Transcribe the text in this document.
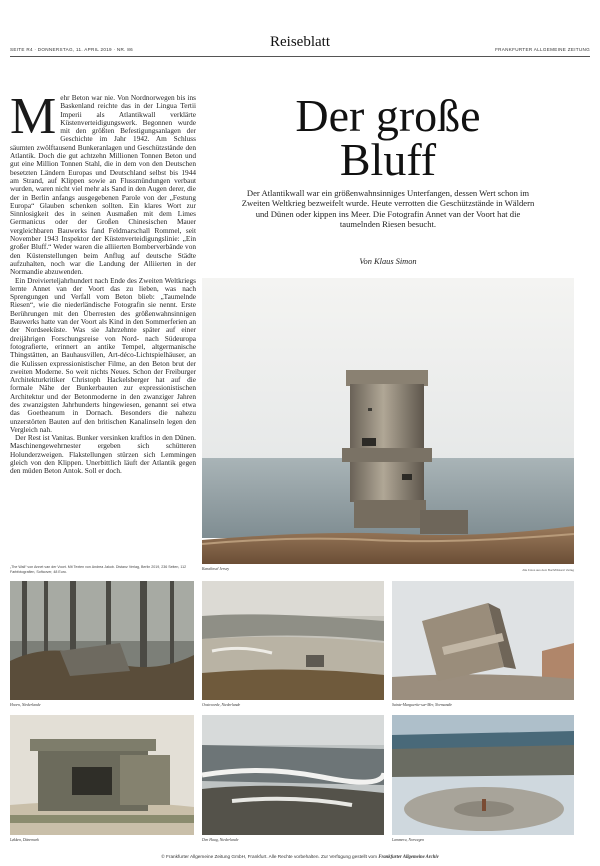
SEITE R4 · DONNERSTAG, 11. APRIL 2019 · NR. 86	Reiseblatt	FRANKFURTER ALLGEMEINE ZEITUNG
M ehr Beton war nie. Von Nordnorwegen bis ins Baskenland reichte das in der Lingua Tertii Imperii als Atlantikwall verklärte Küstenverteidigungswerk. Begonnen wurde mit den größten Befestigungsanlagen der Geschichte im Jahr 1942. Am Schluss säumten zwölftausend Bunkeranlagen und Geschützstände den Atlantik. Doch die gut achtzehn Millionen Tonnen Beton und gut eine Million Tonnen Stahl, die in dem von den Deutschen besetzten Ländern Europas und Deutschland selbst bis 1944 am Strand, auf Klippen sowie an Flussmündungen verbaut wurden, waren nicht viel mehr als Sand in den Augen derer, die der in Berlin anfangs ausgegebenen Parole von der „Festung Europa“ Glauben schenken sollten. Ein klares Wort zur Sinnlosigkeit des in seinen Ausmaßen mit dem Limes Germanicus oder der Großen Chinesischen Mauer vergleichbaren Bauwerks fand Feldmarschall Rommel, seit November 1943 Inspektor der Küstenverteidigungslinie: „Ein großer Bluff.“ Weder waren die alliierten Bomberverbände von den Küstenstellungen beim Anflug auf deutsche Städte aufzuhalten, noch war die Landung der Alliierten in der Normandie abzuwenden.

Ein Dreivierteljahrhundert nach Ende des Zweiten Weltkriegs lernte Annet van der Voort das zu lieben, was nach Sprengungen und Verfall vom Beton blieb: „Taumelnde Riesen“, wie die niederländische Fotografin sie nennt. Erste Berührungen mit den Überresten des größenwahnsinnigen Bauwerks hatte van der Voort als Kind in den Sommerferien an der Nordseeküste. Was sie Jahrzehnte später auf einer dreijährigen Forschungsreise von Nord- nach Südeuropa fotografierte, erinnert an antike Tempel, altgermanische Thingstätten, an Bauhausvillen, Art-déco-Lichtspielhäuser, an die Kulissen expressionistischer Filme, an den Beton brut der zweiten Moderne. So weit nichts Neues. Schon der Freiburger Architekturkritiker Christoph Hackelsberger hat auf die formale Nähe der Bunkerbauten zur expressionistischen Architektur und der Betonmoderne in den zwanziger Jahren des zwanzigsten Jahrhunderts hingewiesen, genannt sei etwa das Goetheanum in Dornach. Besonders die nahezu unzerstörten Bauten auf den britischen Kanalinseln legen den Vergleich nah.

Der Rest ist Vanitas. Bunker versinken kraftlos in den Dünen. Maschinengewehrnester ergeben sich schütteren Holunderzweigen. Flakstellungen stürzen sich Lemmingen gleich von den Klippen. Unerbittlich läuft der Atlantik gegen den müden Beton Antok. Soll er doch.

„The Wall“ von Annet van der Voort. Mit Texten von Andrea Jakob. Distanz Verlag, Berlin 2019, 236 Seiten, 112 Farbfotografien, Softcover, 48 Euro.
Der große
Bluff
Der Atlantikwall war ein größenwahnsinniges Unterfangen, dessen Wert schon im Zweiten Weltkrieg bezweifelt wurde. Heute verrotten die Geschützstände in Wäldern und Dünen oder kippen ins Meer. Die Fotografin Annet van der Voort hat die taumelnden Riesen besucht.
Von Klaus Simon
Kanalinsel Jersey	Alle Fotos aus dem Buch/Distanz Verlag
Hoorn, Niederlande	Oostvoorde, Niederlande	Sainte-Marguerite-sur-Mer, Normandie
Løkken, Dänemark	Den Haag, Niederlande	Lammeru, Norwegen
© Frankfurter Allgemeine Zeitung GmbH, Frankfurt. Alle Rechte vorbehalten. Zur Verfügung gestellt vom Frankfurter Allgemeine Archiv
